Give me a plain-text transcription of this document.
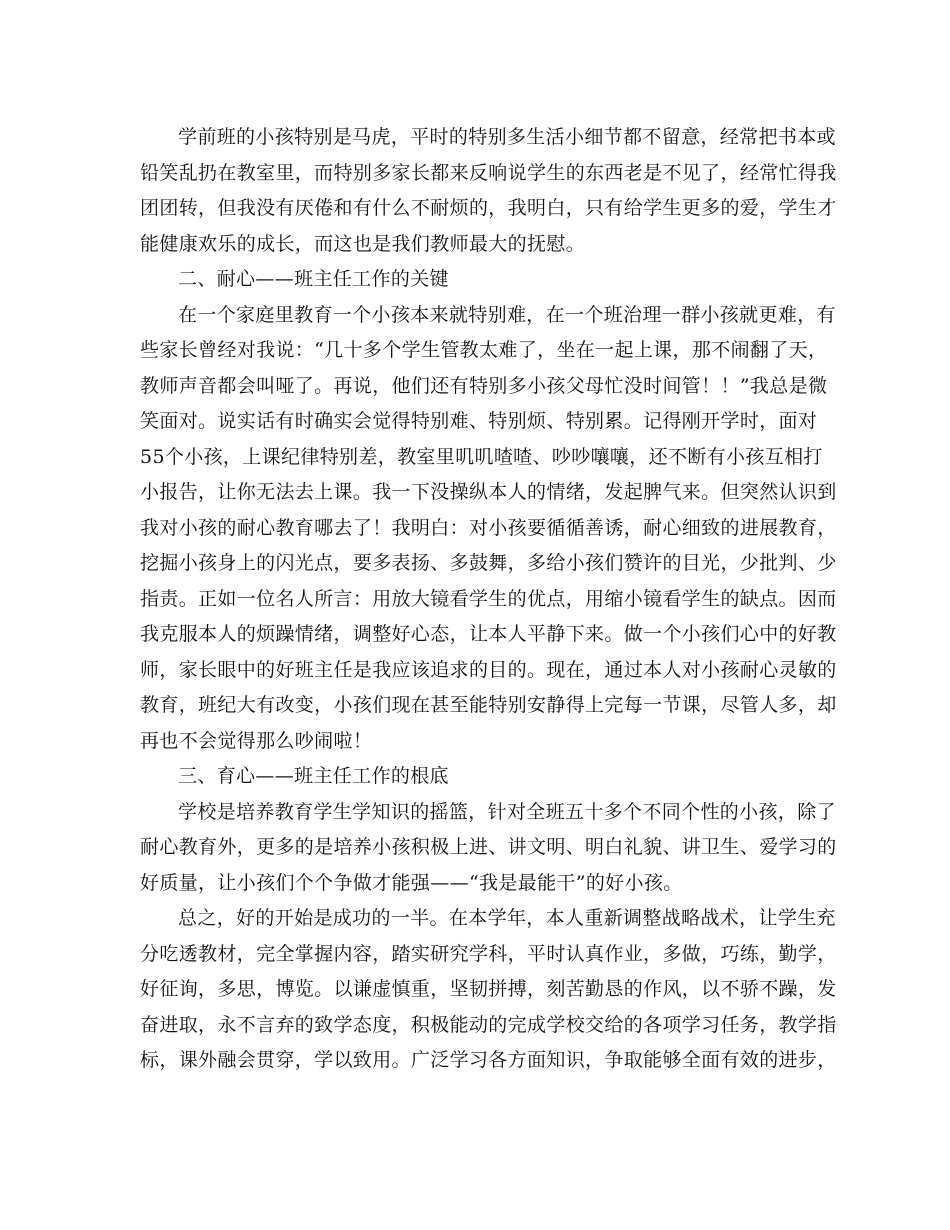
学前班的小孩特别是马虎，平时的特别多生活小细节都不留意，经常把书本或
铅笑乱扔在教室里，而特别多家长都来反响说学生的东西老是不见了，经常忙得我
团团转，但我没有厌倦和有什么不耐烦的，我明白，只有给学生更多的爱，学生才
能健康欢乐的成长，而这也是我们教师最大的抚慰。
二、耐心——班主任工作的关键
在一个家庭里教育一个小孩本来就特别难，在一个班治理一群小孩就更难，有
些家长曾经对我说：“几十多个学生管教太难了，坐在一起上课，那不闹翻了天，
教师声音都会叫哑了。再说，他们还有特别多小孩父母忙没时间管！！”我总是微
笑面对。说实话有时确实会觉得特别难、特别烦、特别累。记得刚开学时，面对
55个小孩，上课纪律特别差，教室里叽叽喳喳、吵吵嚷嚷，还不断有小孩互相打
小报告，让你无法去上课。我一下没操纵本人的情绪，发起脾气来。但突然认识到
我对小孩的耐心教育哪去了！我明白：对小孩要循循善诱，耐心细致的进展教育，
挖掘小孩身上的闪光点，要多表扬、多鼓舞，多给小孩们赞许的目光，少批判、少
指责。正如一位名人所言：用放大镜看学生的优点，用缩小镜看学生的缺点。因而
我克服本人的烦躁情绪，调整好心态，让本人平静下来。做一个小孩们心中的好教
师，家长眼中的好班主任是我应该追求的目的。现在，通过本人对小孩耐心灵敏的
教育，班纪大有改变，小孩们现在甚至能特别安静得上完每一节课，尽管人多，却
再也不会觉得那么吵闹啦！
三、育心——班主任工作的根底
学校是培养教育学生学知识的摇篮，针对全班五十多个不同个性的小孩，除了
耐心教育外，更多的是培养小孩积极上进、讲文明、明白礼貌、讲卫生、爱学习的
好质量，让小孩们个个争做才能强——“我是最能干”的好小孩。
总之，好的开始是成功的一半。在本学年，本人重新调整战略战术，让学生充
分吃透教材，完全掌握内容，踏实研究学科，平时认真作业，多做，巧练，勤学，
好征询，多思，博览。以谦虚慎重，坚韧拼搏，刻苦勤恳的作风，以不骄不躁，发
奋进取，永不言弃的致学态度，积极能动的完成学校交给的各项学习任务，教学指
标，课外融会贯穿，学以致用。广泛学习各方面知识，争取能够全面有效的进步，
